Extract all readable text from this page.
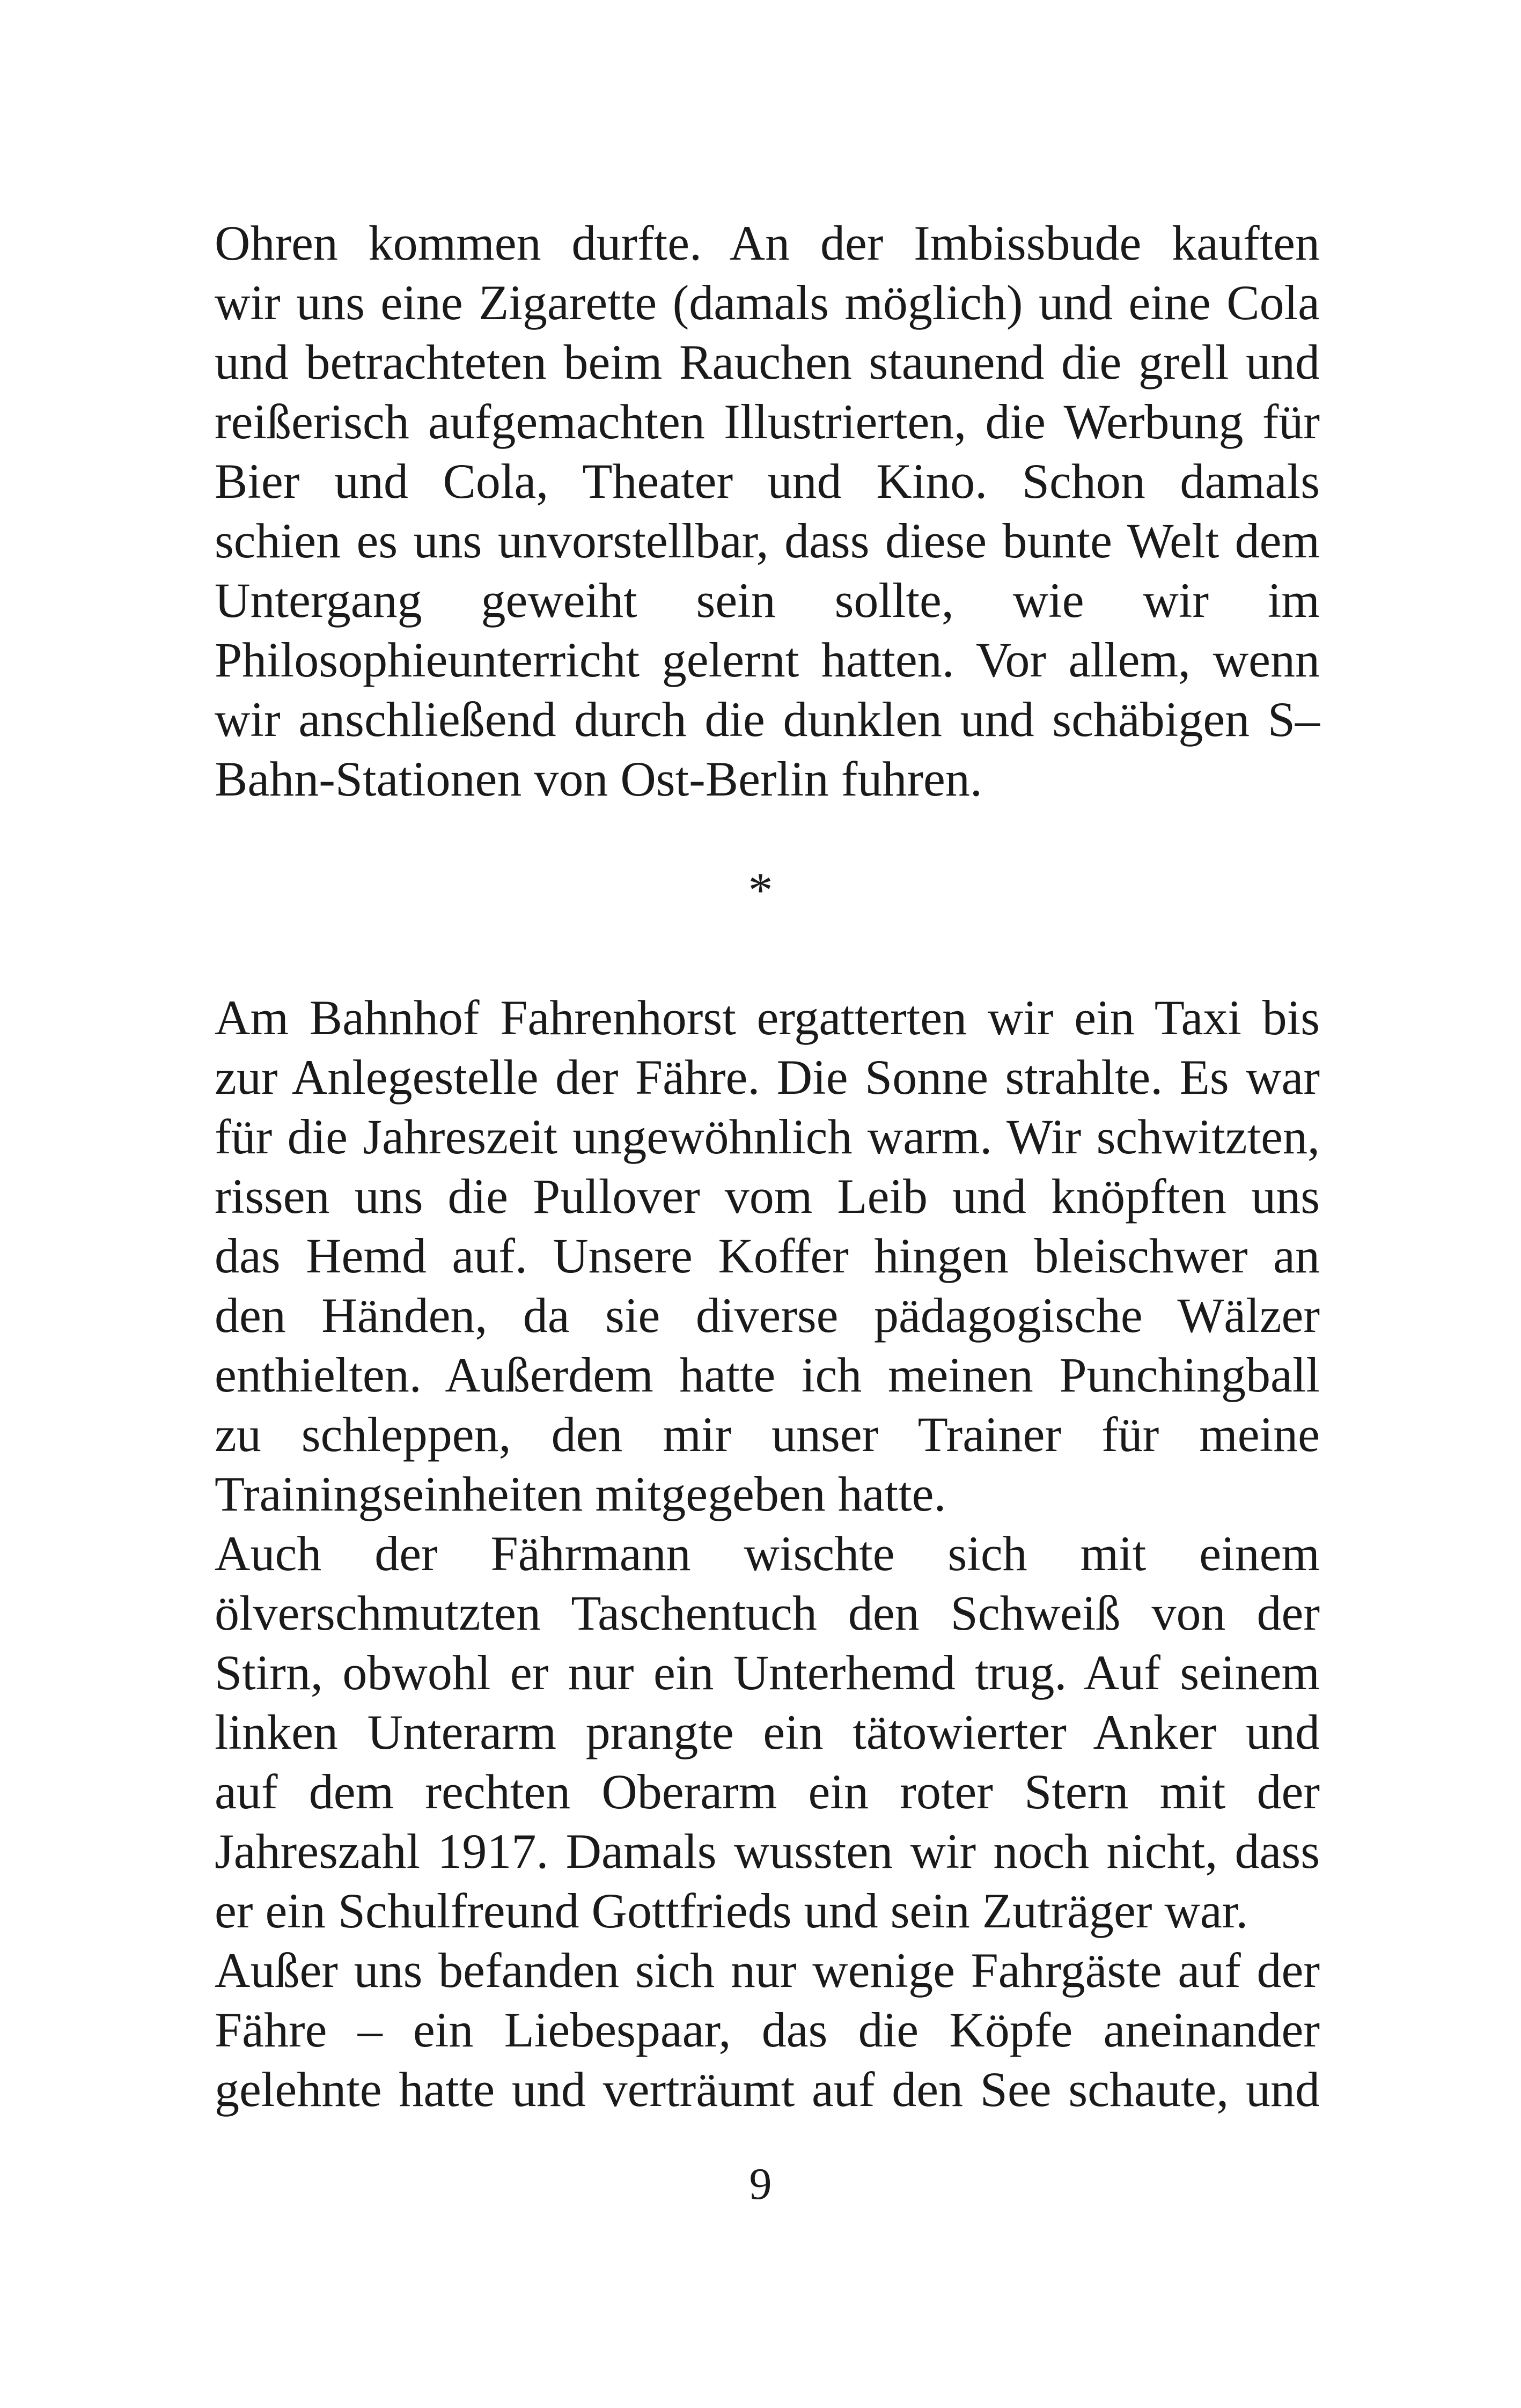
Ohren kommen durfte. An der Imbissbude kauften
wir uns eine Zigarette (damals möglich) und eine Cola
und betrachteten beim Rauchen staunend die grell und
reißerisch aufgemachten Illustrierten, die Werbung für
Bier und Cola, Theater und Kino. Schon damals
schien es uns unvorstellbar, dass diese bunte Welt dem
Untergang geweiht sein sollte, wie wir im
Philosophieunterricht gelernt hatten. Vor allem, wenn
wir anschließend durch die dunklen und schäbigen S–
Bahn-Stationen von Ost-Berlin fuhren.
*
Am Bahnhof Fahrenhorst ergatterten wir ein Taxi bis
zur Anlegestelle der Fähre. Die Sonne strahlte. Es war
für die Jahreszeit ungewöhnlich warm. Wir schwitzten,
rissen uns die Pullover vom Leib und knöpften uns
das Hemd auf. Unsere Koffer hingen bleischwer an
den Händen, da sie diverse pädagogische Wälzer
enthielten. Außerdem hatte ich meinen Punchingball
zu schleppen, den mir unser Trainer für meine
Trainingseinheiten mitgegeben hatte.
Auch der Fährmann wischte sich mit einem
ölverschmutzten Taschentuch den Schweiß von der
Stirn, obwohl er nur ein Unterhemd trug. Auf seinem
linken Unterarm prangte ein tätowierter Anker und
auf dem rechten Oberarm ein roter Stern mit der
Jahreszahl 1917. Damals wussten wir noch nicht, dass
er ein Schulfreund Gottfrieds und sein Zuträger war.
Außer uns befanden sich nur wenige Fahrgäste auf der
Fähre – ein Liebespaar, das die Köpfe aneinander
gelehnte hatte und verträumt auf den See schaute, und
9
